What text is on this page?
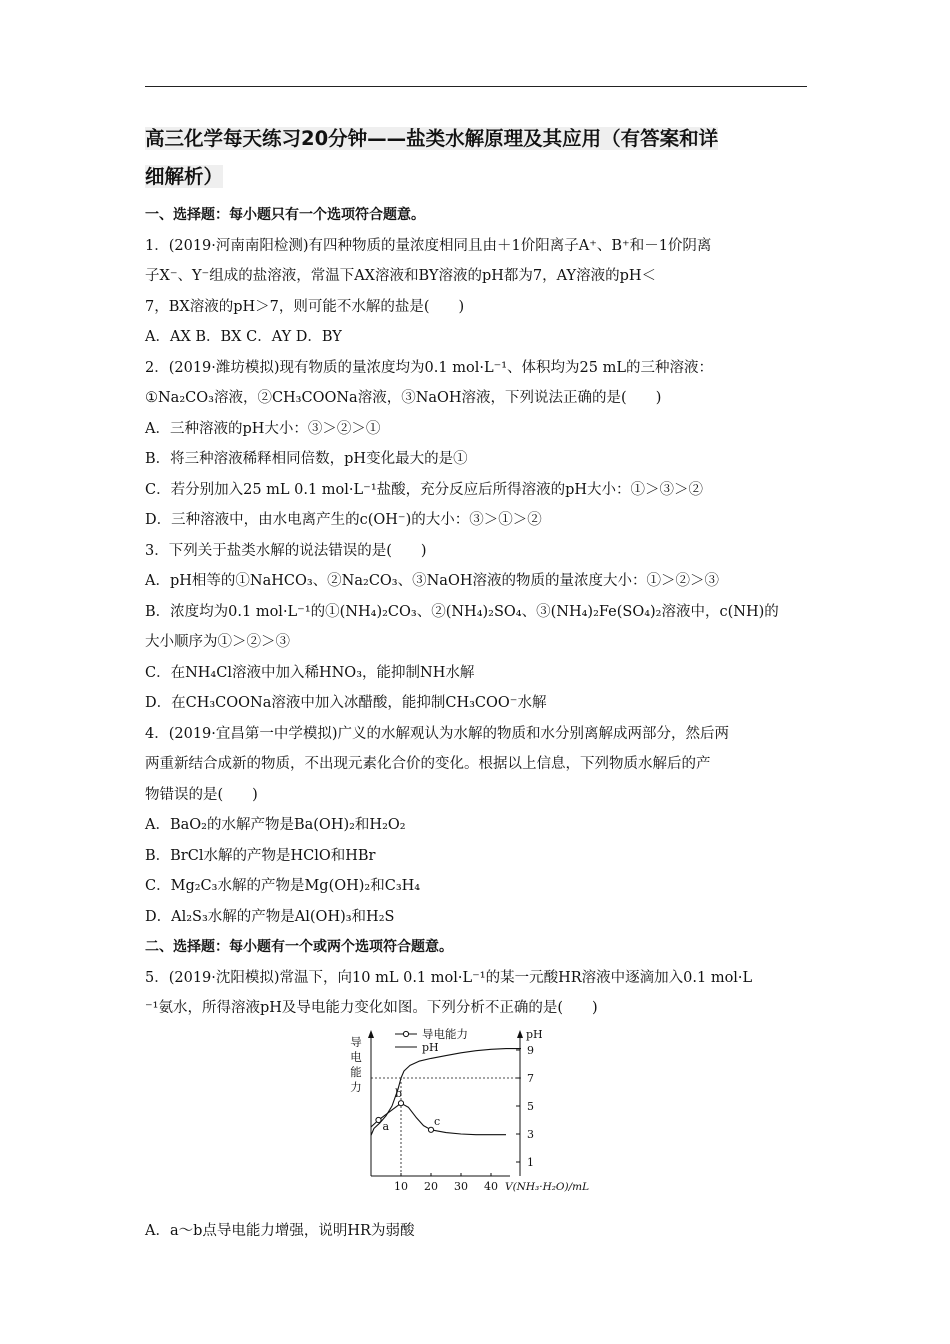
高三化学每天练习20分钟——盐类水解原理及其应用（有答案和详
细解析）
一、选择题：每小题只有一个选项符合题意。
1．(2019·河南南阳检测)有四种物质的量浓度相同且由＋1价阳离子A⁺、B⁺和－1价阴离
子X⁻、Y⁻组成的盐溶液，常温下AX溶液和BY溶液的pH都为7，AY溶液的pH＜
7，BX溶液的pH＞7，则可能不水解的盐是(　　)
A．AX B．BX C．AY D．BY
2．(2019·潍坊模拟)现有物质的量浓度均为0.1 mol·L⁻¹、体积均为25 mL的三种溶液：
①Na₂CO₃溶液，②CH₃COONa溶液，③NaOH溶液，下列说法正确的是(　　)
A．三种溶液的pH大小：③＞②＞①
B．将三种溶液稀释相同倍数，pH变化最大的是①
C．若分别加入25 mL 0.1 mol·L⁻¹盐酸，充分反应后所得溶液的pH大小：①＞③＞②
D．三种溶液中，由水电离产生的c(OH⁻)的大小：③＞①＞②
3．下列关于盐类水解的说法错误的是(　　)
A．pH相等的①NaHCO₃、②Na₂CO₃、③NaOH溶液的物质的量浓度大小：①＞②＞③
B．浓度均为0.1 mol·L⁻¹的①(NH₄)₂CO₃、②(NH₄)₂SO₄、③(NH₄)₂Fe(SO₄)₂溶液中，c(NH)的
大小顺序为①＞②＞③
C．在NH₄Cl溶液中加入稀HNO₃，能抑制NH水解
D．在CH₃COONa溶液中加入冰醋酸，能抑制CH₃COO⁻水解
4．(2019·宜昌第一中学模拟)广义的水解观认为水解的物质和水分别离解成两部分，然后两
两重新结合成新的物质，不出现元素化合价的变化。根据以上信息，下列物质水解后的产
物错误的是(　　)
A．BaO₂的水解产物是Ba(OH)₂和H₂O₂
B．BrCl水解的产物是HClO和HBr
C．Mg₂C₃水解的产物是Mg(OH)₂和C₃H₄
D．Al₂S₃水解的产物是Al(OH)₃和H₂S
二、选择题：每小题有一个或两个选项符合题意。
5．(2019·沈阳模拟)常温下，向10 mL 0.1 mol·L⁻¹的某一元酸HR溶液中逐滴加入0.1 mol·L
⁻¹氨水，所得溶液pH及导电能力变化如图。下列分析不正确的是(　　)
导
电
能
力
pH
导电能力
pH
10 20 30 40
1
3
5
7
9
a
b
c
V(NH₃·H₂O)/mL
A．a～b点导电能力增强，说明HR为弱酸
